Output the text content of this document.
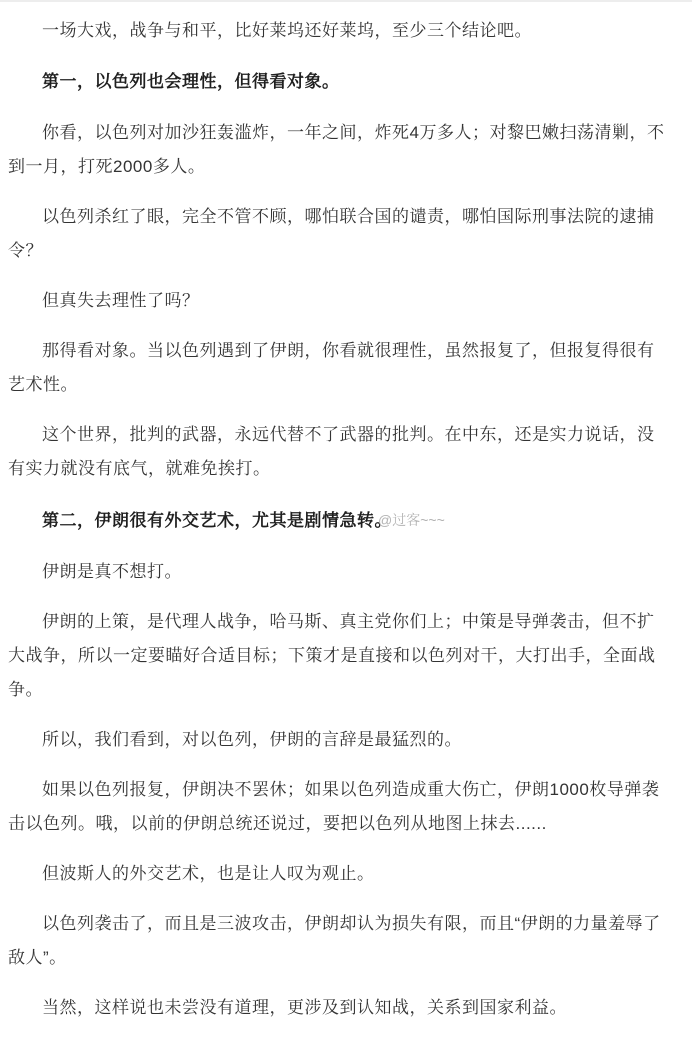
一场大戏，战争与和平，比好莱坞还好莱坞，至少三个结论吧。

第一，以色列也会理性，但得看对象。

你看，以色列对加沙狂轰滥炸，一年之间，炸死4万多人；对黎巴嫩扫荡清剿，不到一月，打死2000多人。

以色列杀红了眼，完全不管不顾，哪怕联合国的谴责，哪怕国际刑事法院的逮捕令？

但真失去理性了吗？

那得看对象。当以色列遇到了伊朗，你看就很理性，虽然报复了，但报复得很有艺术性。

这个世界，批判的武器，永远代替不了武器的批判。在中东，还是实力说话，没有实力就没有底气，就难免挨打。

第二，伊朗很有外交艺术，尤其是剧情急转。@过客~~~

伊朗是真不想打。

伊朗的上策，是代理人战争，哈马斯、真主党你们上；中策是导弹袭击，但不扩大战争，所以一定要瞄好合适目标；下策才是直接和以色列对干，大打出手，全面战争。

所以，我们看到，对以色列，伊朗的言辞是最猛烈的。

如果以色列报复，伊朗决不罢休；如果以色列造成重大伤亡，伊朗1000枚导弹袭击以色列。哦，以前的伊朗总统还说过，要把以色列从地图上抹去......

但波斯人的外交艺术，也是让人叹为观止。

以色列袭击了，而且是三波攻击，伊朗却认为损失有限，而且“伊朗的力量羞辱了敌人”。

当然，这样说也未尝没有道理，更涉及到认知战，关系到国家利益。
